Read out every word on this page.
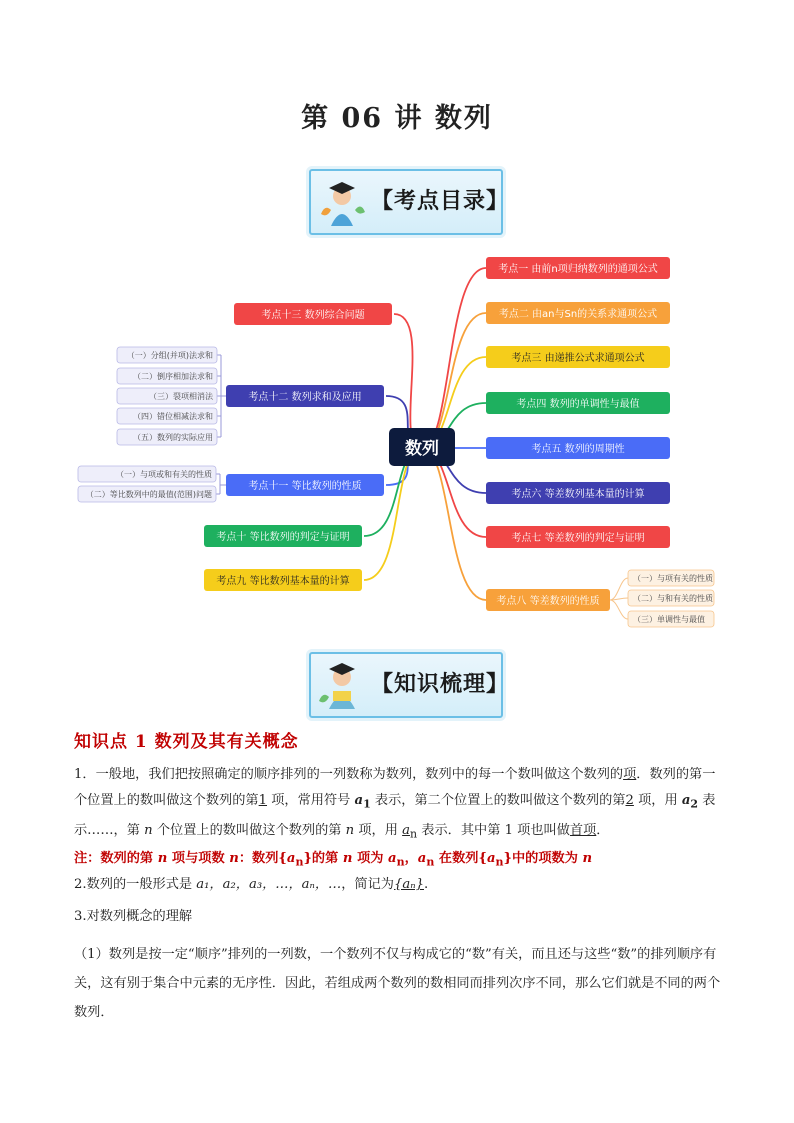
第 06 讲 数列
【考点目录】
数列
考点一 由前n项归纳数列的通项公式
考点二 由an与Sn的关系求通项公式
考点三 由递推公式求通项公式
考点四 数列的单调性与最值
考点五 数列的周期性
考点六 等差数列基本量的计算
考点七 等差数列的判定与证明
考点八 等差数列的性质
（一）与项有关的性质
（二）与和有关的性质
（三）单调性与最值
考点十三 数列综合问题
考点十二 数列求和及应用
（一）分组(并项)法求和
（二）倒序相加法求和
（三）裂项相消法
（四）错位相减法求和
（五）数列的实际应用
考点十一 等比数列的性质
（一）与项或和有关的性质
（二）等比数列中的最值(范围)问题
考点十 等比数列的判定与证明
考点九 等比数列基本量的计算
【知识梳理】
知识点 1 数列及其有关概念
1．一般地，我们把按照确定的顺序排列的一列数称为数列，数列中的每一个数叫做这个数列的项．数列的第一个位置上的数叫做这个数列的第1 项，常用符号 $a_1$ 表示，第二个位置上的数叫做这个数列的第2 项，用 $a_2$ 表示……，第 n 个位置上的数叫做这个数列的第 n 项，用 $a_n$ 表示．其中第 1 项也叫做首项．
注：数列的第 n 项与项数 n：数列$\{a_n\}$的第 n 项为 $a_n$，$a_n$ 在数列$\{a_n\}$中的项数为 n
2.数列的一般形式是 a₁，a₂，a₃，…，aₙ，…，简记为{aₙ}.
3.对数列概念的理解
（1）数列是按一定“顺序”排列的一列数，一个数列不仅与构成它的“数”有关，而且还与这些“数”的排列顺序有关，这有别于集合中元素的无序性．因此，若组成两个数列的数相同而排列次序不同，那么它们就是不同的两个数列．
